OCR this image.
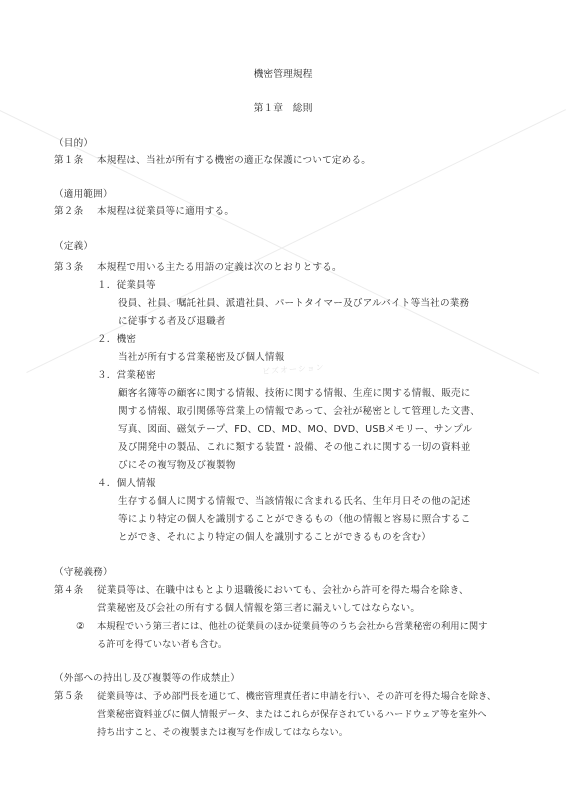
ビズオーション
機密管理規程
第１章　総則
（目的）
第１条 本規程は、当社が所有する機密の適正な保護について定める。
（適用範囲）
第２条 本規程は従業員等に適用する。
（定義）
第３条 本規程で用いる主たる用語の定義は次のとおりとする。
１．従業員等
役員、社員、嘱託社員、派遣社員、パートタイマー及びアルバイト等当社の業務
に従事する者及び退職者
２．機密
当社が所有する営業秘密及び個人情報
３．営業秘密
顧客名簿等の顧客に関する情報、技術に関する情報、生産に関する情報、販売に
関する情報、取引関係等営業上の情報であって、会社が秘密として管理した文書、
写真、図面、磁気テープ、FD、CD、MD、MO、DVD、USBメモリー、サンプル
及び開発中の製品、これに類する装置・設備、その他これに関する一切の資料並
びにその複写物及び複製物
４．個人情報
生存する個人に関する情報で、当該情報に含まれる氏名、生年月日その他の記述
等により特定の個人を識別することができるもの（他の情報と容易に照合するこ
とができ、それにより特定の個人を識別することができるものを含む）
（守秘義務）
第４条 従業員等は、在職中はもとより退職後においても、会社から許可を得た場合を除き、
営業秘密及び会社の所有する個人情報を第三者に漏えいしてはならない。
② 本規程でいう第三者には、他社の従業員のほか従業員等のうち会社から営業秘密の利用に関す
る許可を得ていない者も含む。
（外部への持出し及び複製等の作成禁止）
第５条 従業員等は、予め部門長を通じて、機密管理責任者に申請を行い、その許可を得た場合を除き、
営業秘密資料並びに個人情報データ、またはこれらが保存されているハードウェア等を室外へ
持ち出すこと、その複製または複写を作成してはならない。
